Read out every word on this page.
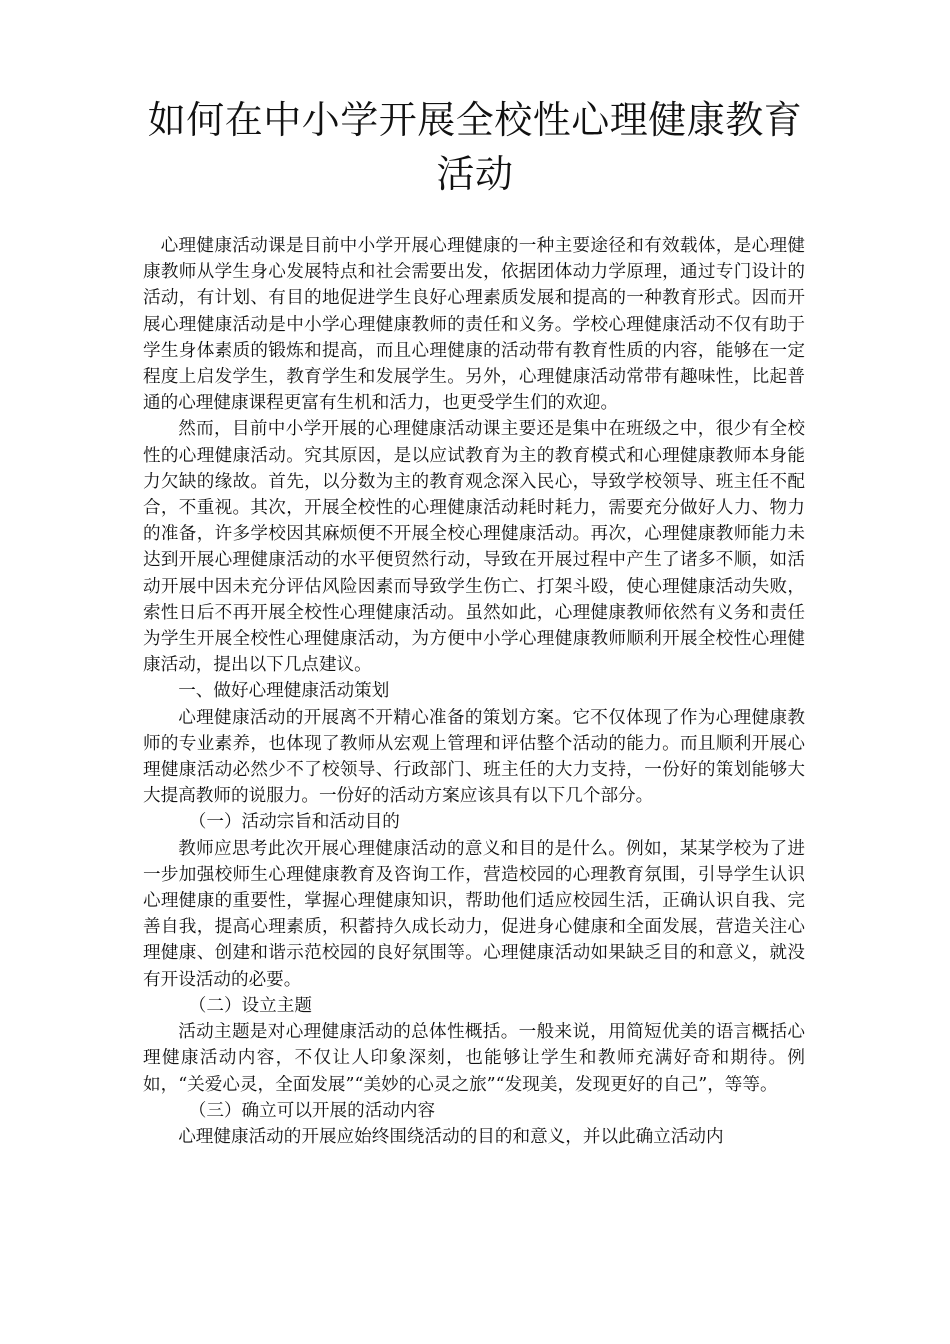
如何在中小学开展全校性心理健康教育
活动

心理健康活动课是目前中小学开展心理健康的一种主要途径和有效载体，是心理健康教师从学生身心发展特点和社会需要出发，依据团体动力学原理，通过专门设计的活动，有计划、有目的地促进学生良好心理素质发展和提高的一种教育形式。因而开展心理健康活动是中小学心理健康教师的责任和义务。学校心理健康活动不仅有助于学生身体素质的锻炼和提高，而且心理健康的活动带有教育性质的内容，能够在一定程度上启发学生，教育学生和发展学生。另外，心理健康活动常带有趣味性，比起普通的心理健康课程更富有生机和活力，也更受学生们的欢迎。

然而，目前中小学开展的心理健康活动课主要还是集中在班级之中，很少有全校性的心理健康活动。究其原因，是以应试教育为主的教育模式和心理健康教师本身能力欠缺的缘故。首先，以分数为主的教育观念深入民心，导致学校领导、班主任不配合，不重视。其次，开展全校性的心理健康活动耗时耗力，需要充分做好人力、物力的准备，许多学校因其麻烦便不开展全校心理健康活动。再次，心理健康教师能力未达到开展心理健康活动的水平便贸然行动，导致在开展过程中产生了诸多不顺，如活动开展中因未充分评估风险因素而导致学生伤亡、打架斗殴，使心理健康活动失败，索性日后不再开展全校性心理健康活动。虽然如此，心理健康教师依然有义务和责任为学生开展全校性心理健康活动，为方便中小学心理健康教师顺利开展全校性心理健康活动，提出以下几点建议。

一、做好心理健康活动策划

心理健康活动的开展离不开精心准备的策划方案。它不仅体现了作为心理健康教师的专业素养，也体现了教师从宏观上管理和评估整个活动的能力。而且顺利开展心理健康活动必然少不了校领导、行政部门、班主任的大力支持，一份好的策划能够大大提高教师的说服力。一份好的活动方案应该具有以下几个部分。

（一）活动宗旨和活动目的

教师应思考此次开展心理健康活动的意义和目的是什么。例如，某某学校为了进一步加强校师生心理健康教育及咨询工作，营造校园的心理教育氛围，引导学生认识心理健康的重要性，掌握心理健康知识，帮助他们适应校园生活，正确认识自我、完善自我，提高心理素质，积蓄持久成长动力，促进身心健康和全面发展，营造关注心理健康、创建和谐示范校园的良好氛围等。心理健康活动如果缺乏目的和意义，就没有开设活动的必要。

（二）设立主题

活动主题是对心理健康活动的总体性概括。一般来说，用简短优美的语言概括心理健康活动内容，不仅让人印象深刻，也能够让学生和教师充满好奇和期待。例如，“关爱心灵，全面发展”“美妙的心灵之旅”“发现美，发现更好的自己”，等等。

（三）确立可以开展的活动内容

心理健康活动的开展应始终围绕活动的目的和意义，并以此确立活动内
